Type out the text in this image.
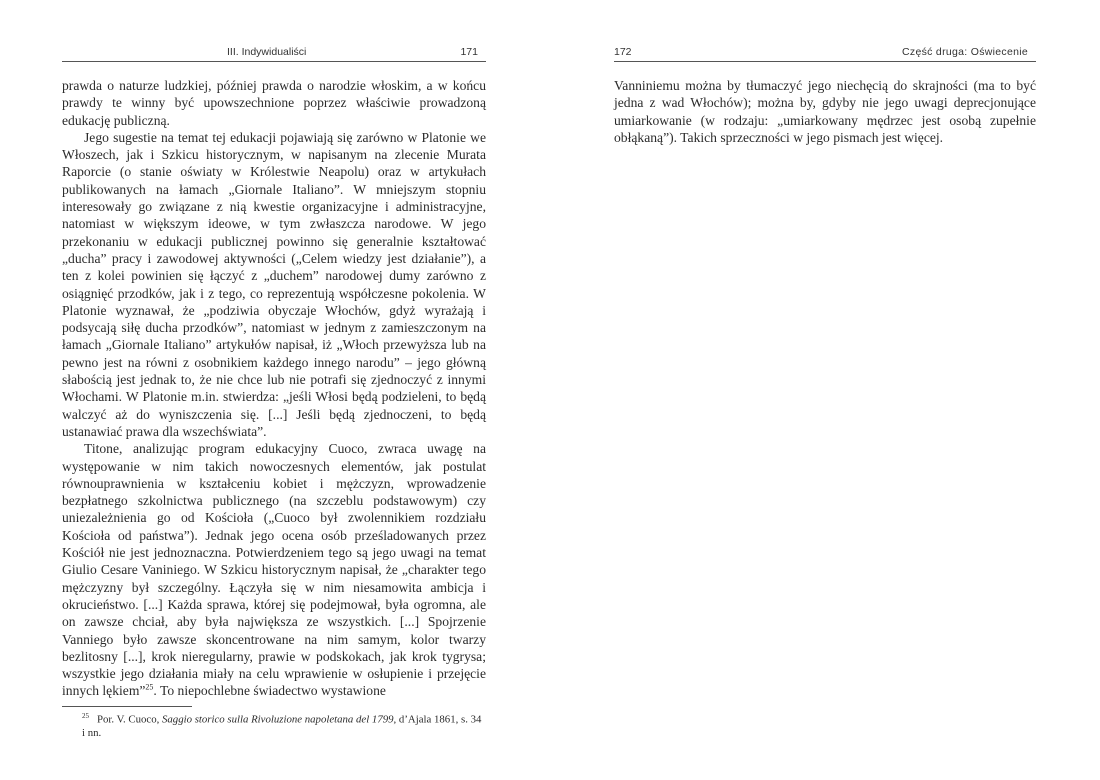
III. Indywidualiści	171

prawda o naturze ludzkiej, później prawda o narodzie włoskim, a w końcu prawdy te winny być upowszechnione poprzez właściwie prowadzoną edukację publiczną.

Jego sugestie na temat tej edukacji pojawiają się zarówno w Platonie we Włoszech, jak i Szkicu historycznym, w napisanym na zlecenie Murata Raporcie (o stanie oświaty w Królestwie Neapolu) oraz w artykułach publikowanych na łamach „Giornale Italiano”. W mniejszym stopniu interesowały go związane z nią kwestie organizacyjne i administracyjne, natomiast w większym ideowe, w tym zwłaszcza narodowe. W jego przekonaniu w edukacji publicznej powinno się generalnie kształtować „ducha” pracy i zawodowej aktywności („Celem wiedzy jest działanie”), a ten z kolei powinien się łączyć z „duchem” narodowej dumy zarówno z osiągnięć przodków, jak i z tego, co reprezentują współczesne pokolenia. W Platonie wyznawał, że „podziwia obyczaje Włochów, gdyż wyrażają i podsycają siłę ducha przodków”, natomiast w jednym z zamieszczonym na łamach „Giornale Italiano” artykułów napisał, iż „Włoch przewyższa lub na pewno jest na równi z osobnikiem każdego innego narodu” – jego główną słabością jest jednak to, że nie chce lub nie potrafi się zjednoczyć z innymi Włochami. W Platonie m.in. stwierdza: „jeśli Włosi będą podzieleni, to będą walczyć aż do wyniszczenia się. [...] Jeśli będą zjednoczeni, to będą ustanawiać prawa dla wszechświata”.

Titone, analizując program edukacyjny Cuoco, zwraca uwagę na występowanie w nim takich nowoczesnych elementów, jak postulat równouprawnienia w kształceniu kobiet i mężczyzn, wprowadzenie bezpłatnego szkolnictwa publicznego (na szczeblu podstawowym) czy uniezależnienia go od Kościoła („Cuoco był zwolennikiem rozdziału Kościoła od państwa”). Jednak jego ocena osób prześladowanych przez Kościół nie jest jednoznaczna. Potwierdzeniem tego są jego uwagi na temat Giulio Cesare Vaniniego. W Szkicu historycznym napisał, że „charakter tego mężczyzny był szczególny. Łączyła się w nim niesamowita ambicja i okrucieństwo. [...] Każda sprawa, której się podejmował, była ogromna, ale on zawsze chciał, aby była największa ze wszystkich. [...] Spojrzenie Vanniego było zawsze skoncentrowane na nim samym, kolor twarzy bezlitosny [...], krok nieregularny, prawie w podskokach, jak krok tygrysa; wszystkie jego działania miały na celu wprawienie w osłupienie i przejęcie innych lękiem”$^{25}$. To niepochlebne świadectwo wystawione

$^{25}$ Por. V. Cuoco, Saggio storico sulla Rivoluzione napoletana del 1799, d’Ajala 1861, s. 34 i nn.
172	Część druga: Oświecenie

Vanniniemu można by tłumaczyć jego niechęcią do skrajności (ma to być jedna z wad Włochów); można by, gdyby nie jego uwagi deprecjonujące umiarkowanie (w rodzaju: „umiarkowany mędrzec jest osobą zupełnie obłąkaną”). Takich sprzeczności w jego pismach jest więcej.
